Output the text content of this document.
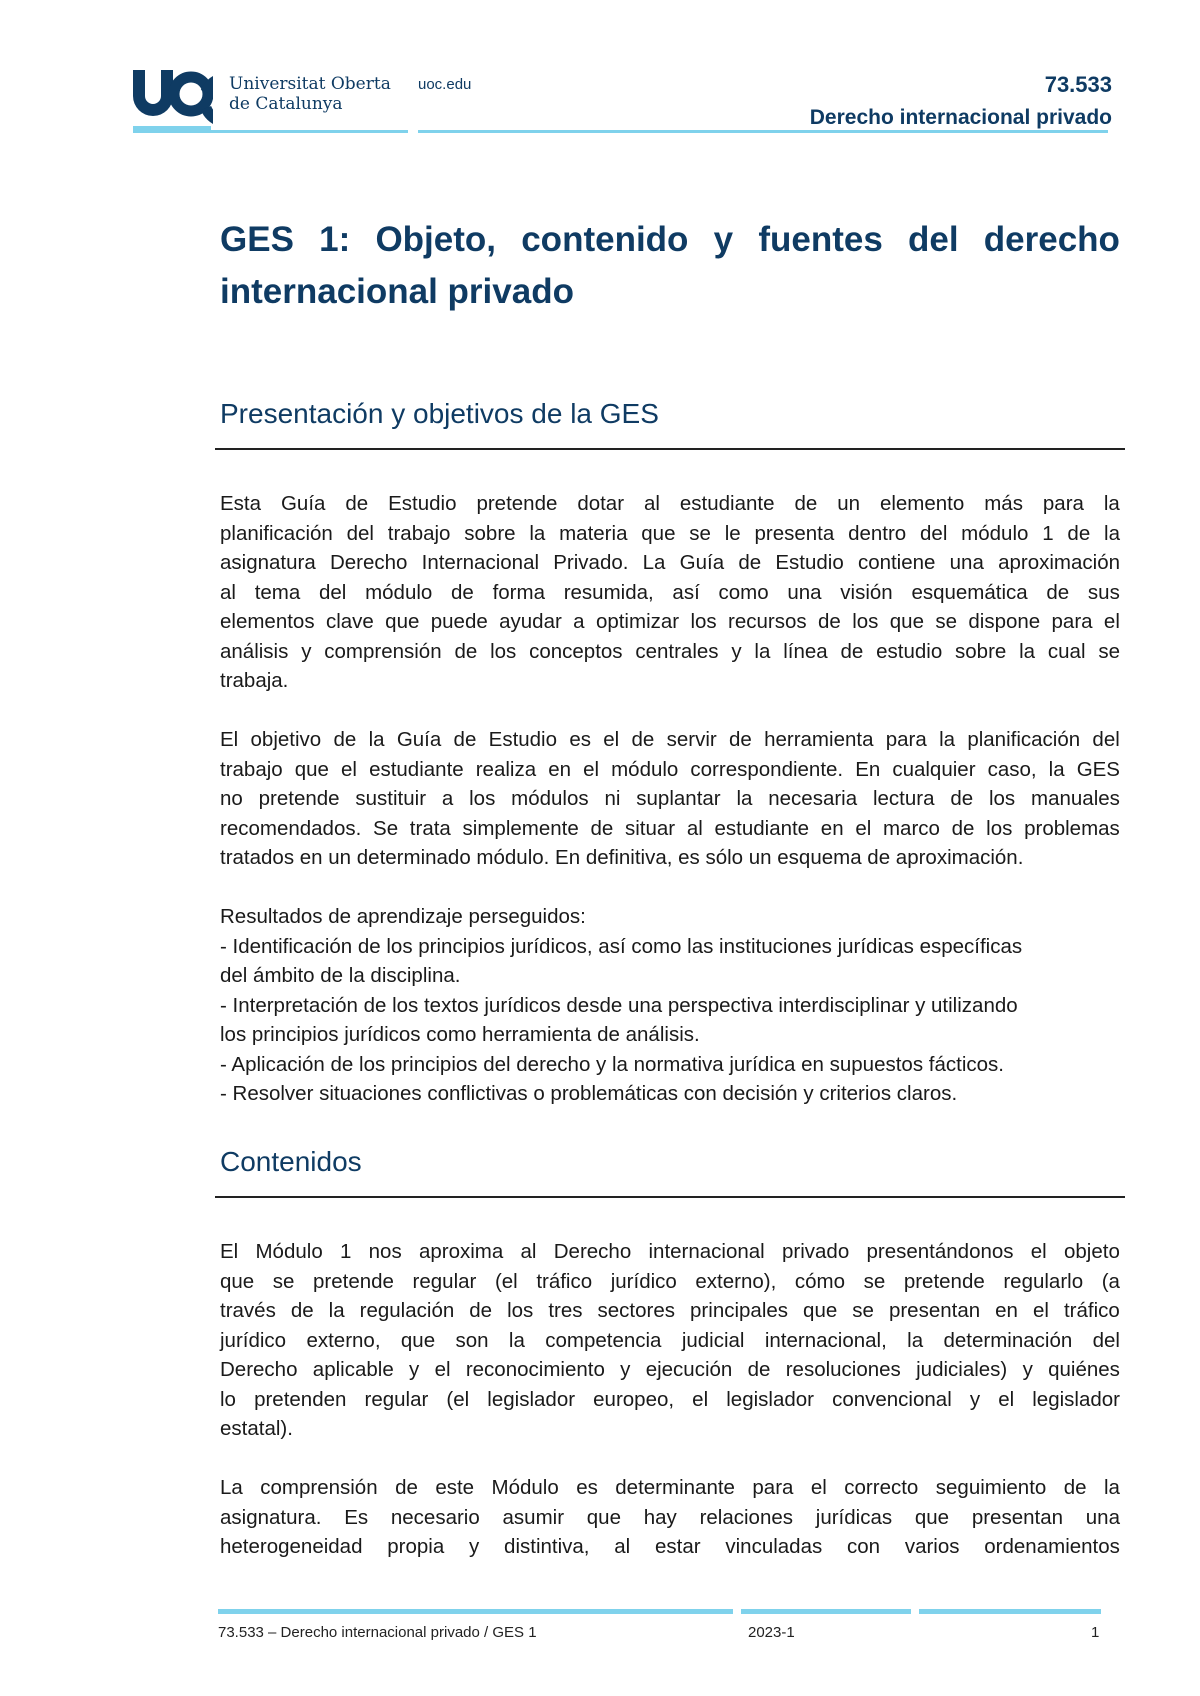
Universitat Oberta
de Catalunya
uoc.edu	73.533
Derecho internacional privado
GES 1: Objeto, contenido y fuentes del derecho
internacional privado
Presentación y objetivos de la GES
Esta Guía de Estudio pretende dotar al estudiante de un elemento más para la
planificación del trabajo sobre la materia que se le presenta dentro del módulo 1 de la
asignatura Derecho Internacional Privado. La Guía de Estudio contiene una aproximación
al tema del módulo de forma resumida, así como una visión esquemática de sus
elementos clave que puede ayudar a optimizar los recursos de los que se dispone para el
análisis y comprensión de los conceptos centrales y la línea de estudio sobre la cual se
trabaja.
El objetivo de la Guía de Estudio es el de servir de herramienta para la planificación del
trabajo que el estudiante realiza en el módulo correspondiente. En cualquier caso, la GES
no pretende sustituir a los módulos ni suplantar la necesaria lectura de los manuales
recomendados. Se trata simplemente de situar al estudiante en el marco de los problemas
tratados en un determinado módulo. En definitiva, es sólo un esquema de aproximación.
Resultados de aprendizaje perseguidos:
- Identificación de los principios jurídicos, así como las instituciones jurídicas específicas
del ámbito de la disciplina.
- Interpretación de los textos jurídicos desde una perspectiva interdisciplinar y utilizando
los principios jurídicos como herramienta de análisis.
- Aplicación de los principios del derecho y la normativa jurídica en supuestos fácticos.
- Resolver situaciones conflictivas o problemáticas con decisión y criterios claros.
Contenidos
El Módulo 1 nos aproxima al Derecho internacional privado presentándonos el objeto
que se pretende regular (el tráfico jurídico externo), cómo se pretende regularlo (a
través de la regulación de los tres sectores principales que se presentan en el tráfico
jurídico externo, que son la competencia judicial internacional, la determinación del
Derecho aplicable y el reconocimiento y ejecución de resoluciones judiciales) y quiénes
lo pretenden regular (el legislador europeo, el legislador convencional y el legislador
estatal).
La comprensión de este Módulo es determinante para el correcto seguimiento de la
asignatura. Es necesario asumir que hay relaciones jurídicas que presentan una
heterogeneidad propia y distintiva, al estar vinculadas con varios ordenamientos
73.533 – Derecho internacional privado / GES 1	2023-1	1
